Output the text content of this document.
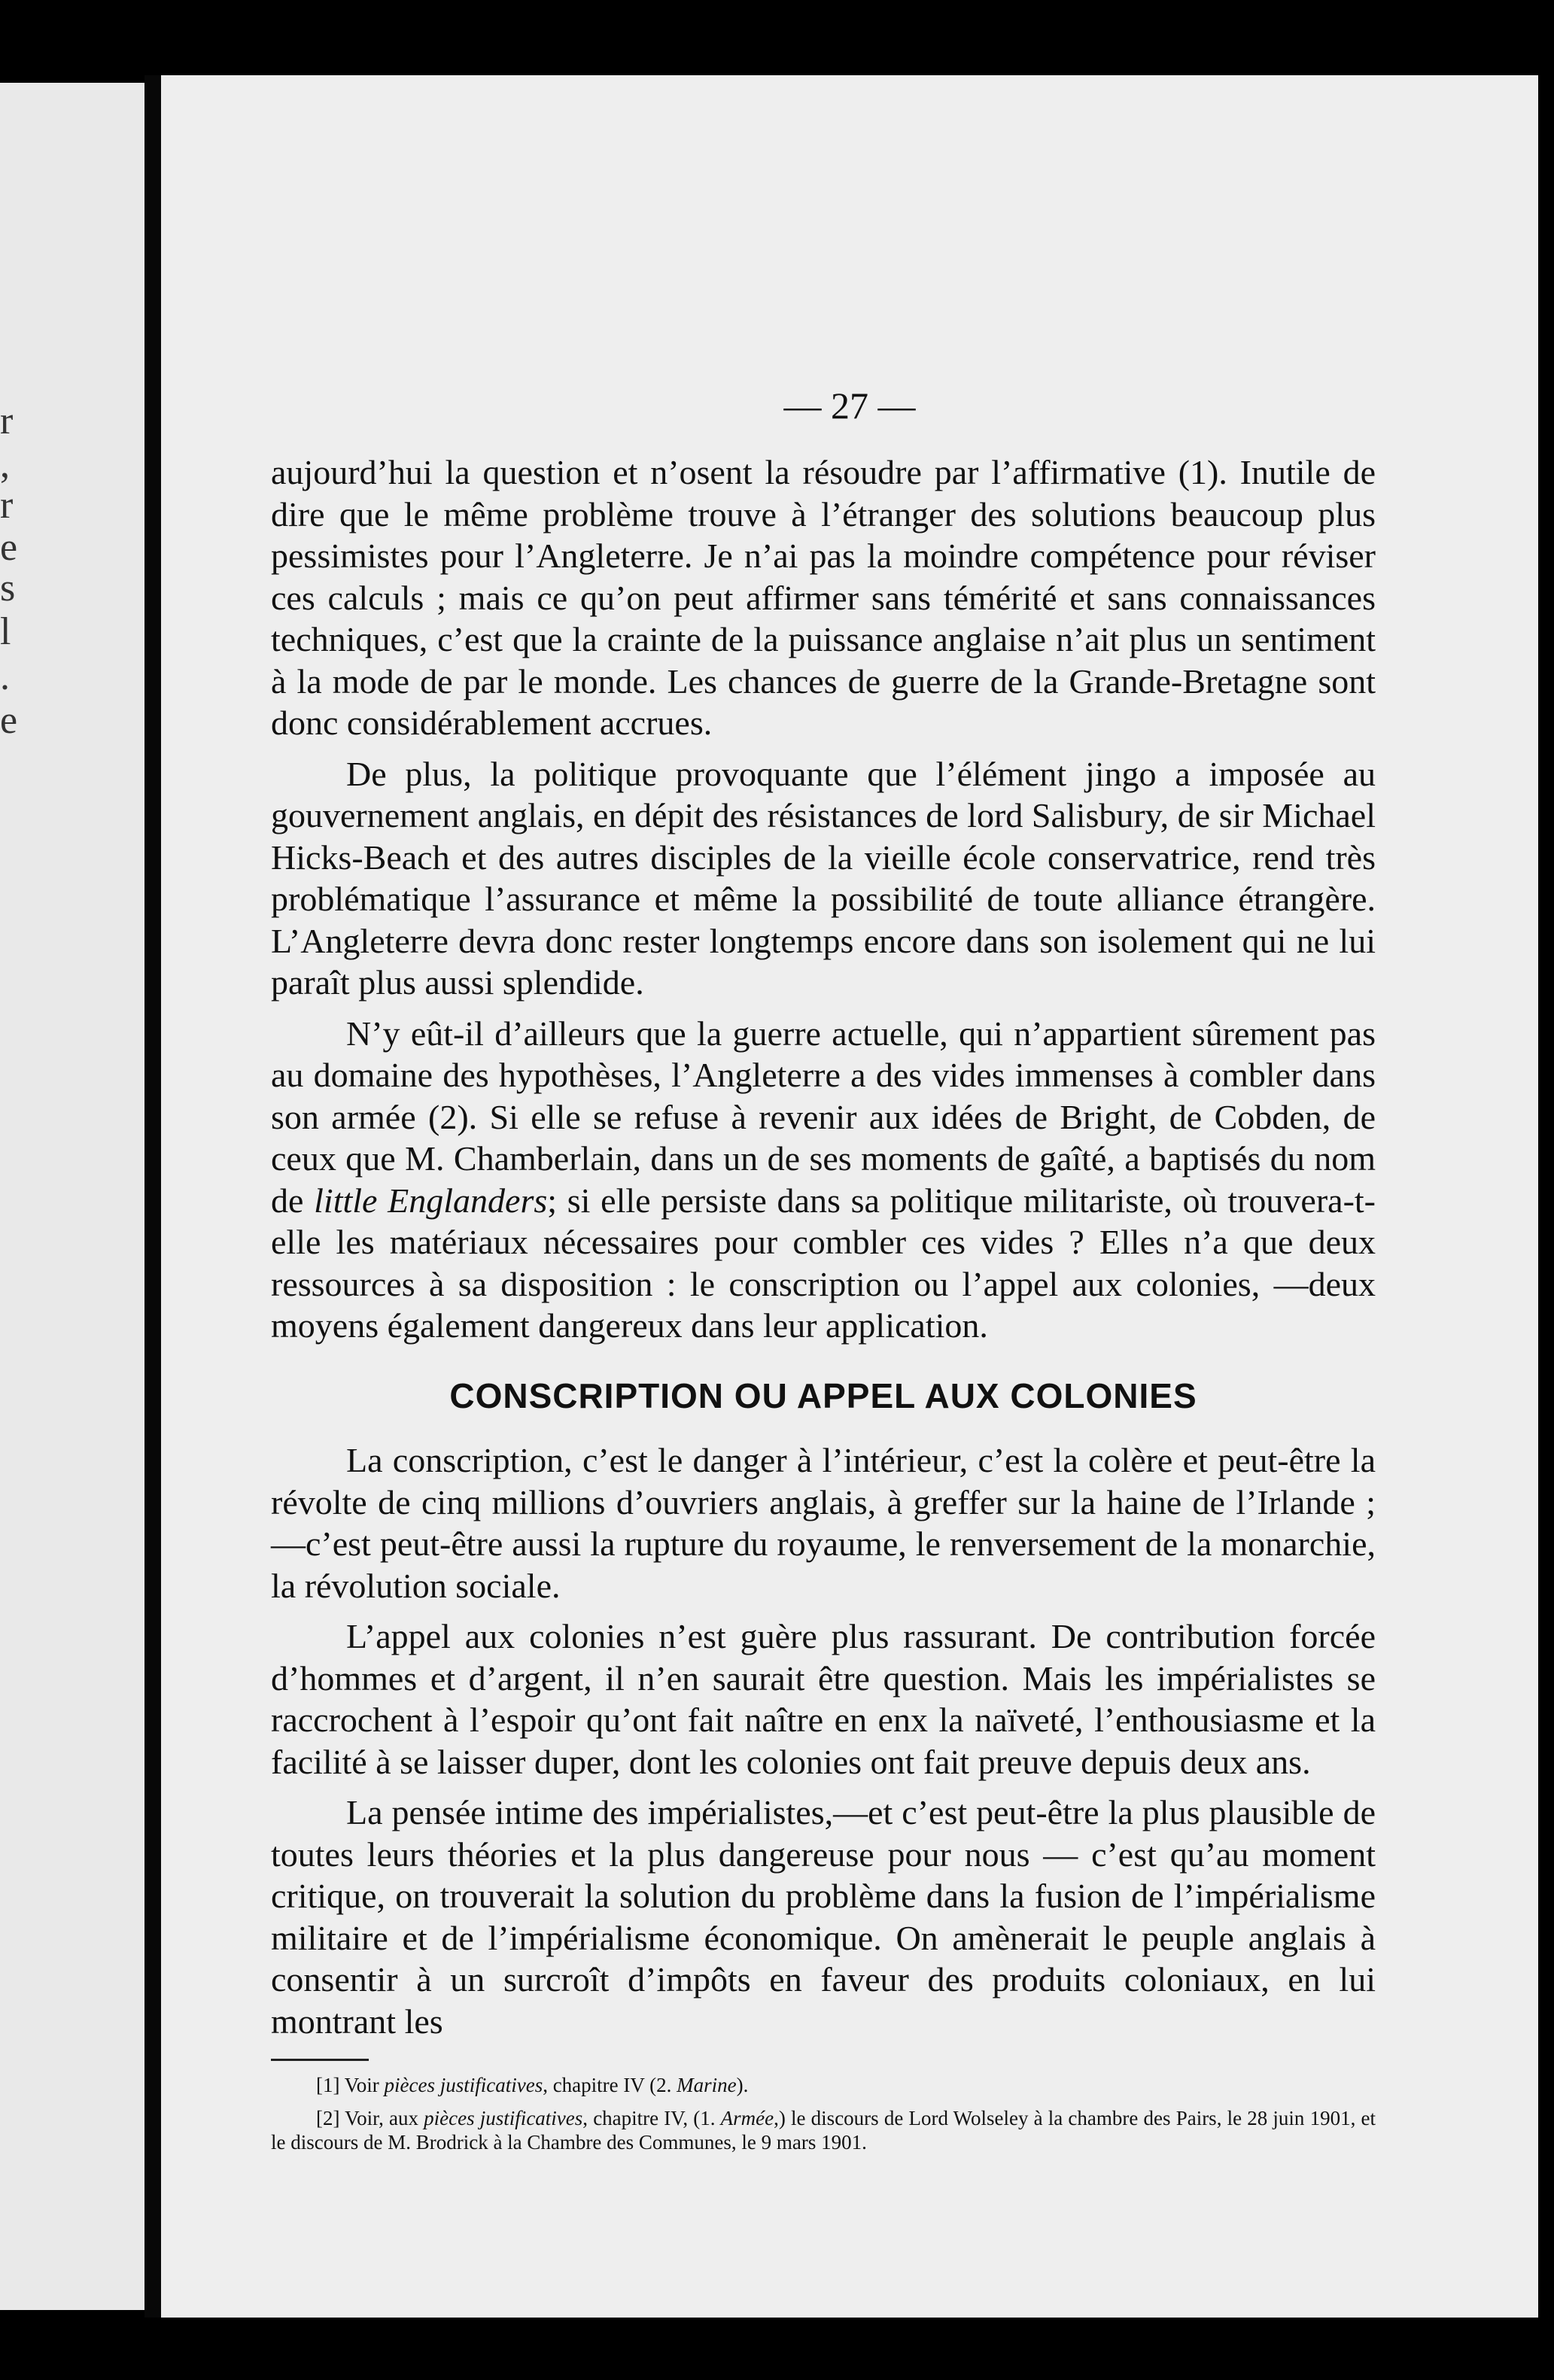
r
,
r
e
s
l
.
e
— 27 —

aujourd’hui la question et n’osent la résoudre par l’affirmative (1). Inutile de dire que le même problème trouve à l’étranger des solutions beaucoup plus pessimistes pour l’Angleterre. Je n’ai pas la moindre compétence pour réviser ces calculs ; mais ce qu’on peut affirmer sans témérité et sans connaissances techniques, c’est que la crainte de la puissance anglaise n’ait plus un sentiment à la mode de par le monde. Les chances de guerre de la Grande-Bretagne sont donc considérablement accrues.

De plus, la politique provoquante que l’élément jingo a imposée au gouvernement anglais, en dépit des résistances de lord Salisbury, de sir Michael Hicks-Beach et des autres disciples de la vieille école conservatrice, rend très problématique l’assurance et même la possibilité de toute alliance étrangère. L’Angleterre devra donc rester longtemps encore dans son isolement qui ne lui paraît plus aussi splendide.

N’y eût-il d’ailleurs que la guerre actuelle, qui n’appartient sûrement pas au domaine des hypothèses, l’Angleterre a des vides immenses à combler dans son armée (2). Si elle se refuse à revenir aux idées de Bright, de Cobden, de ceux que M. Chamberlain, dans un de ses moments de gaîté, a baptisés du nom de little Englanders; si elle persiste dans sa politique militariste, où trouvera-t-elle les matériaux nécessaires pour combler ces vides ? Elles n’a que deux ressources à sa disposition : le conscription ou l’appel aux colonies, —deux moyens également dangereux dans leur application.

CONSCRIPTION OU APPEL AUX COLONIES

La conscription, c’est le danger à l’intérieur, c’est la colère et peut-être la révolte de cinq millions d’ouvriers anglais, à greffer sur la haine de l’Irlande ;—c’est peut-être aussi la rupture du royaume, le renversement de la monarchie, la révolution sociale.

L’appel aux colonies n’est guère plus rassurant. De contribution forcée d’hommes et d’argent, il n’en saurait être question. Mais les impérialistes se raccrochent à l’espoir qu’ont fait naître en enx la naïveté, l’enthousiasme et la facilité à se laisser duper, dont les colonies ont fait preuve depuis deux ans.

La pensée intime des impérialistes,—et c’est peut-être la plus plausible de toutes leurs théories et la plus dangereuse pour nous — c’est qu’au moment critique, on trouverait la solution du problème dans la fusion de l’impérialisme militaire et de l’impérialisme économique. On amènerait le peuple anglais à consentir à un surcroît d’impôts en faveur des produits coloniaux, en lui montrant les

[1] Voir pièces justificatives, chapitre IV (2. Marine).

[2] Voir, aux pièces justificatives, chapitre IV, (1. Armée,) le discours de Lord Wolseley à la chambre des Pairs, le 28 juin 1901, et le discours de M. Brodrick à la Chambre des Communes, le 9 mars 1901.
